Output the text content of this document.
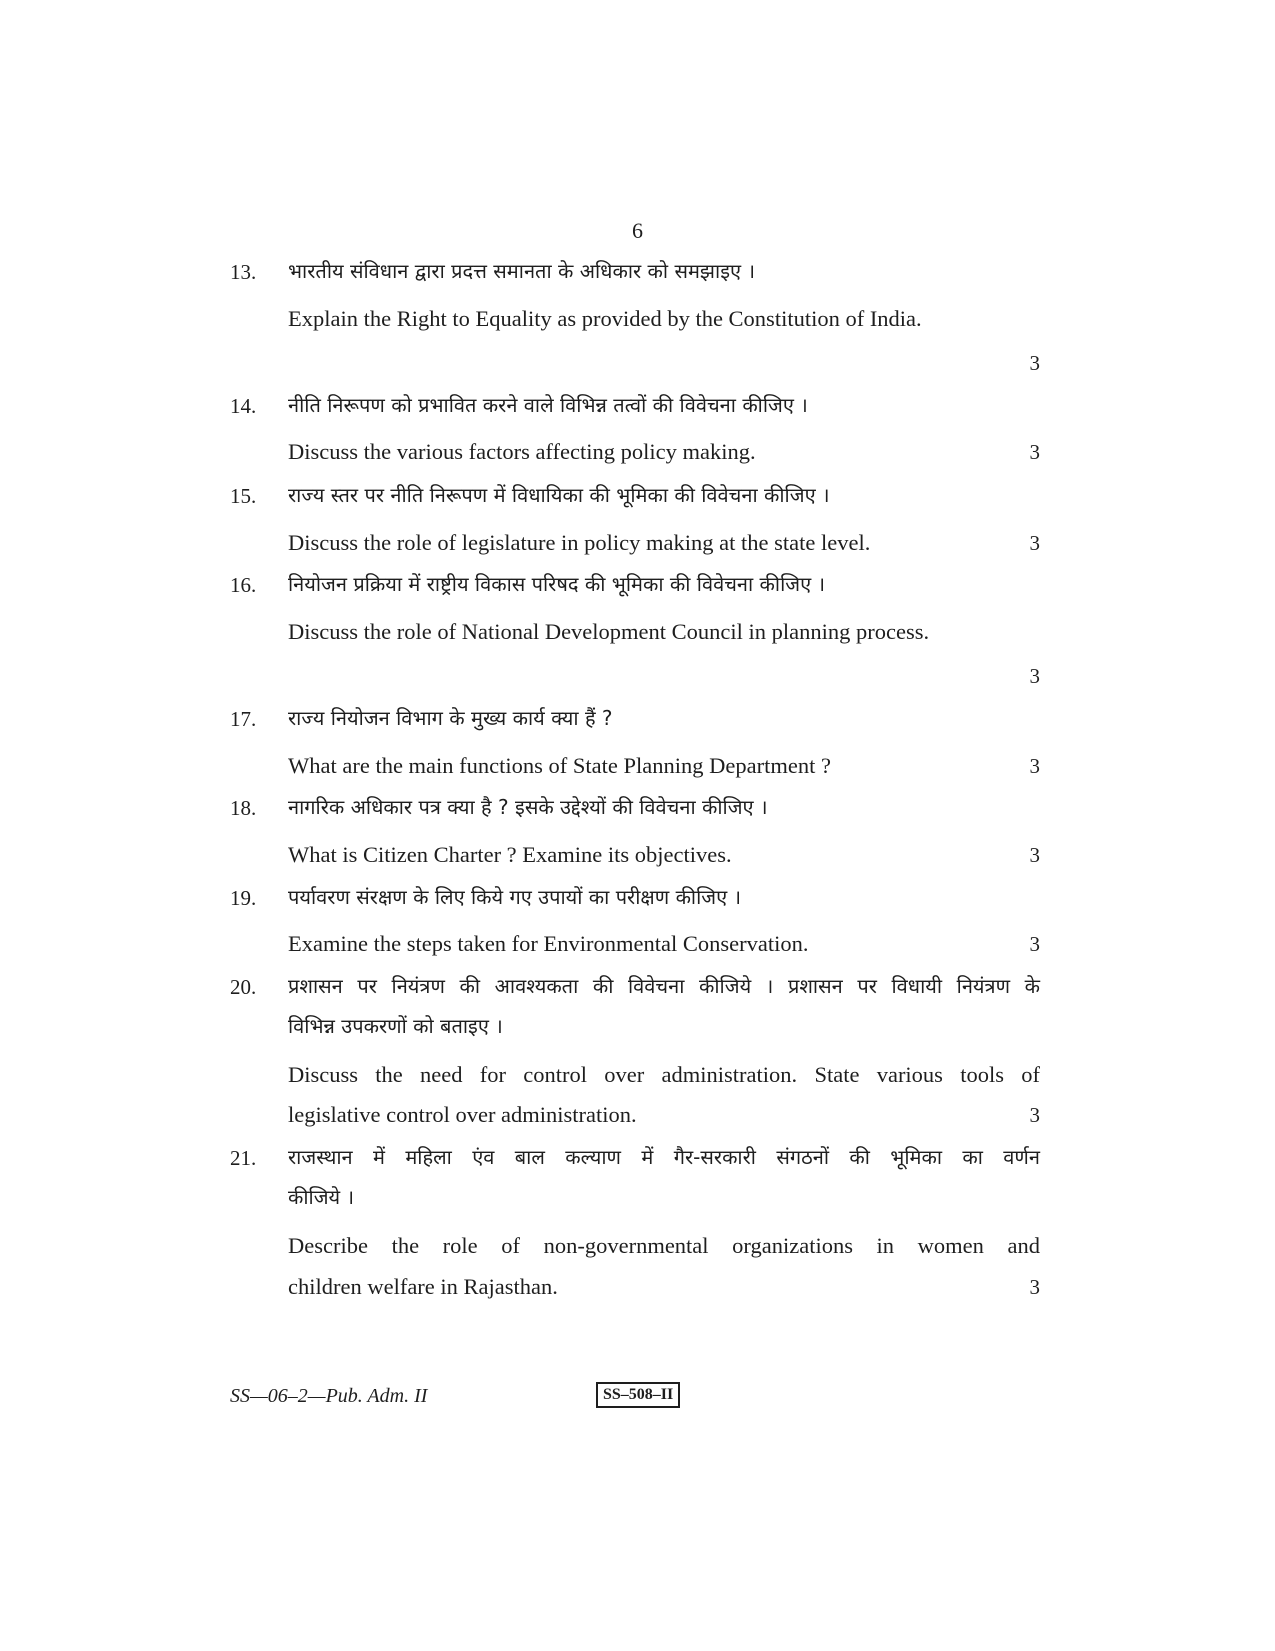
6
13. भारतीय संविधान द्वारा प्रदत्त समानता के अधिकार को समझाइए ।
Explain the Right to Equality as provided by the Constitution of India.
3
14. नीति निरूपण को प्रभावित करने वाले विभिन्न तत्वों की विवेचना कीजिए ।
Discuss the various factors affecting policy making.	3
15. राज्य स्तर पर नीति निरूपण में विधायिका की भूमिका की विवेचना कीजिए ।
Discuss the role of legislature in policy making at the state level.	3
16. नियोजन प्रक्रिया में राष्ट्रीय विकास परिषद की भूमिका की विवेचना कीजिए ।
Discuss the role of National Development Council in planning process.
3
17. राज्य नियोजन विभाग के मुख्य कार्य क्या हैं ?
What are the main functions of State Planning Department ?	3
18. नागरिक अधिकार पत्र क्या है ? इसके उद्देश्यों की विवेचना कीजिए ।
What is Citizen Charter ? Examine its objectives.	3
19. पर्यावरण संरक्षण के लिए किये गए उपायों का परीक्षण कीजिए ।
Examine the steps taken for Environmental Conservation.	3
20. प्रशासन पर नियंत्रण की आवश्यकता की विवेचना कीजिये । प्रशासन पर विधायी नियंत्रण के
विभिन्न उपकरणों को बताइए ।
Discuss the need for control over administration. State various tools of
legislative control over administration.	3
21. राजस्थान में महिला एंव बाल कल्याण में गैर-सरकारी संगठनों की भूमिका का वर्णन
कीजिये ।
Describe the role of non-governmental organizations in women and
children welfare in Rajasthan.	3
SS—06–2—Pub. Adm. II	SS–508–II
